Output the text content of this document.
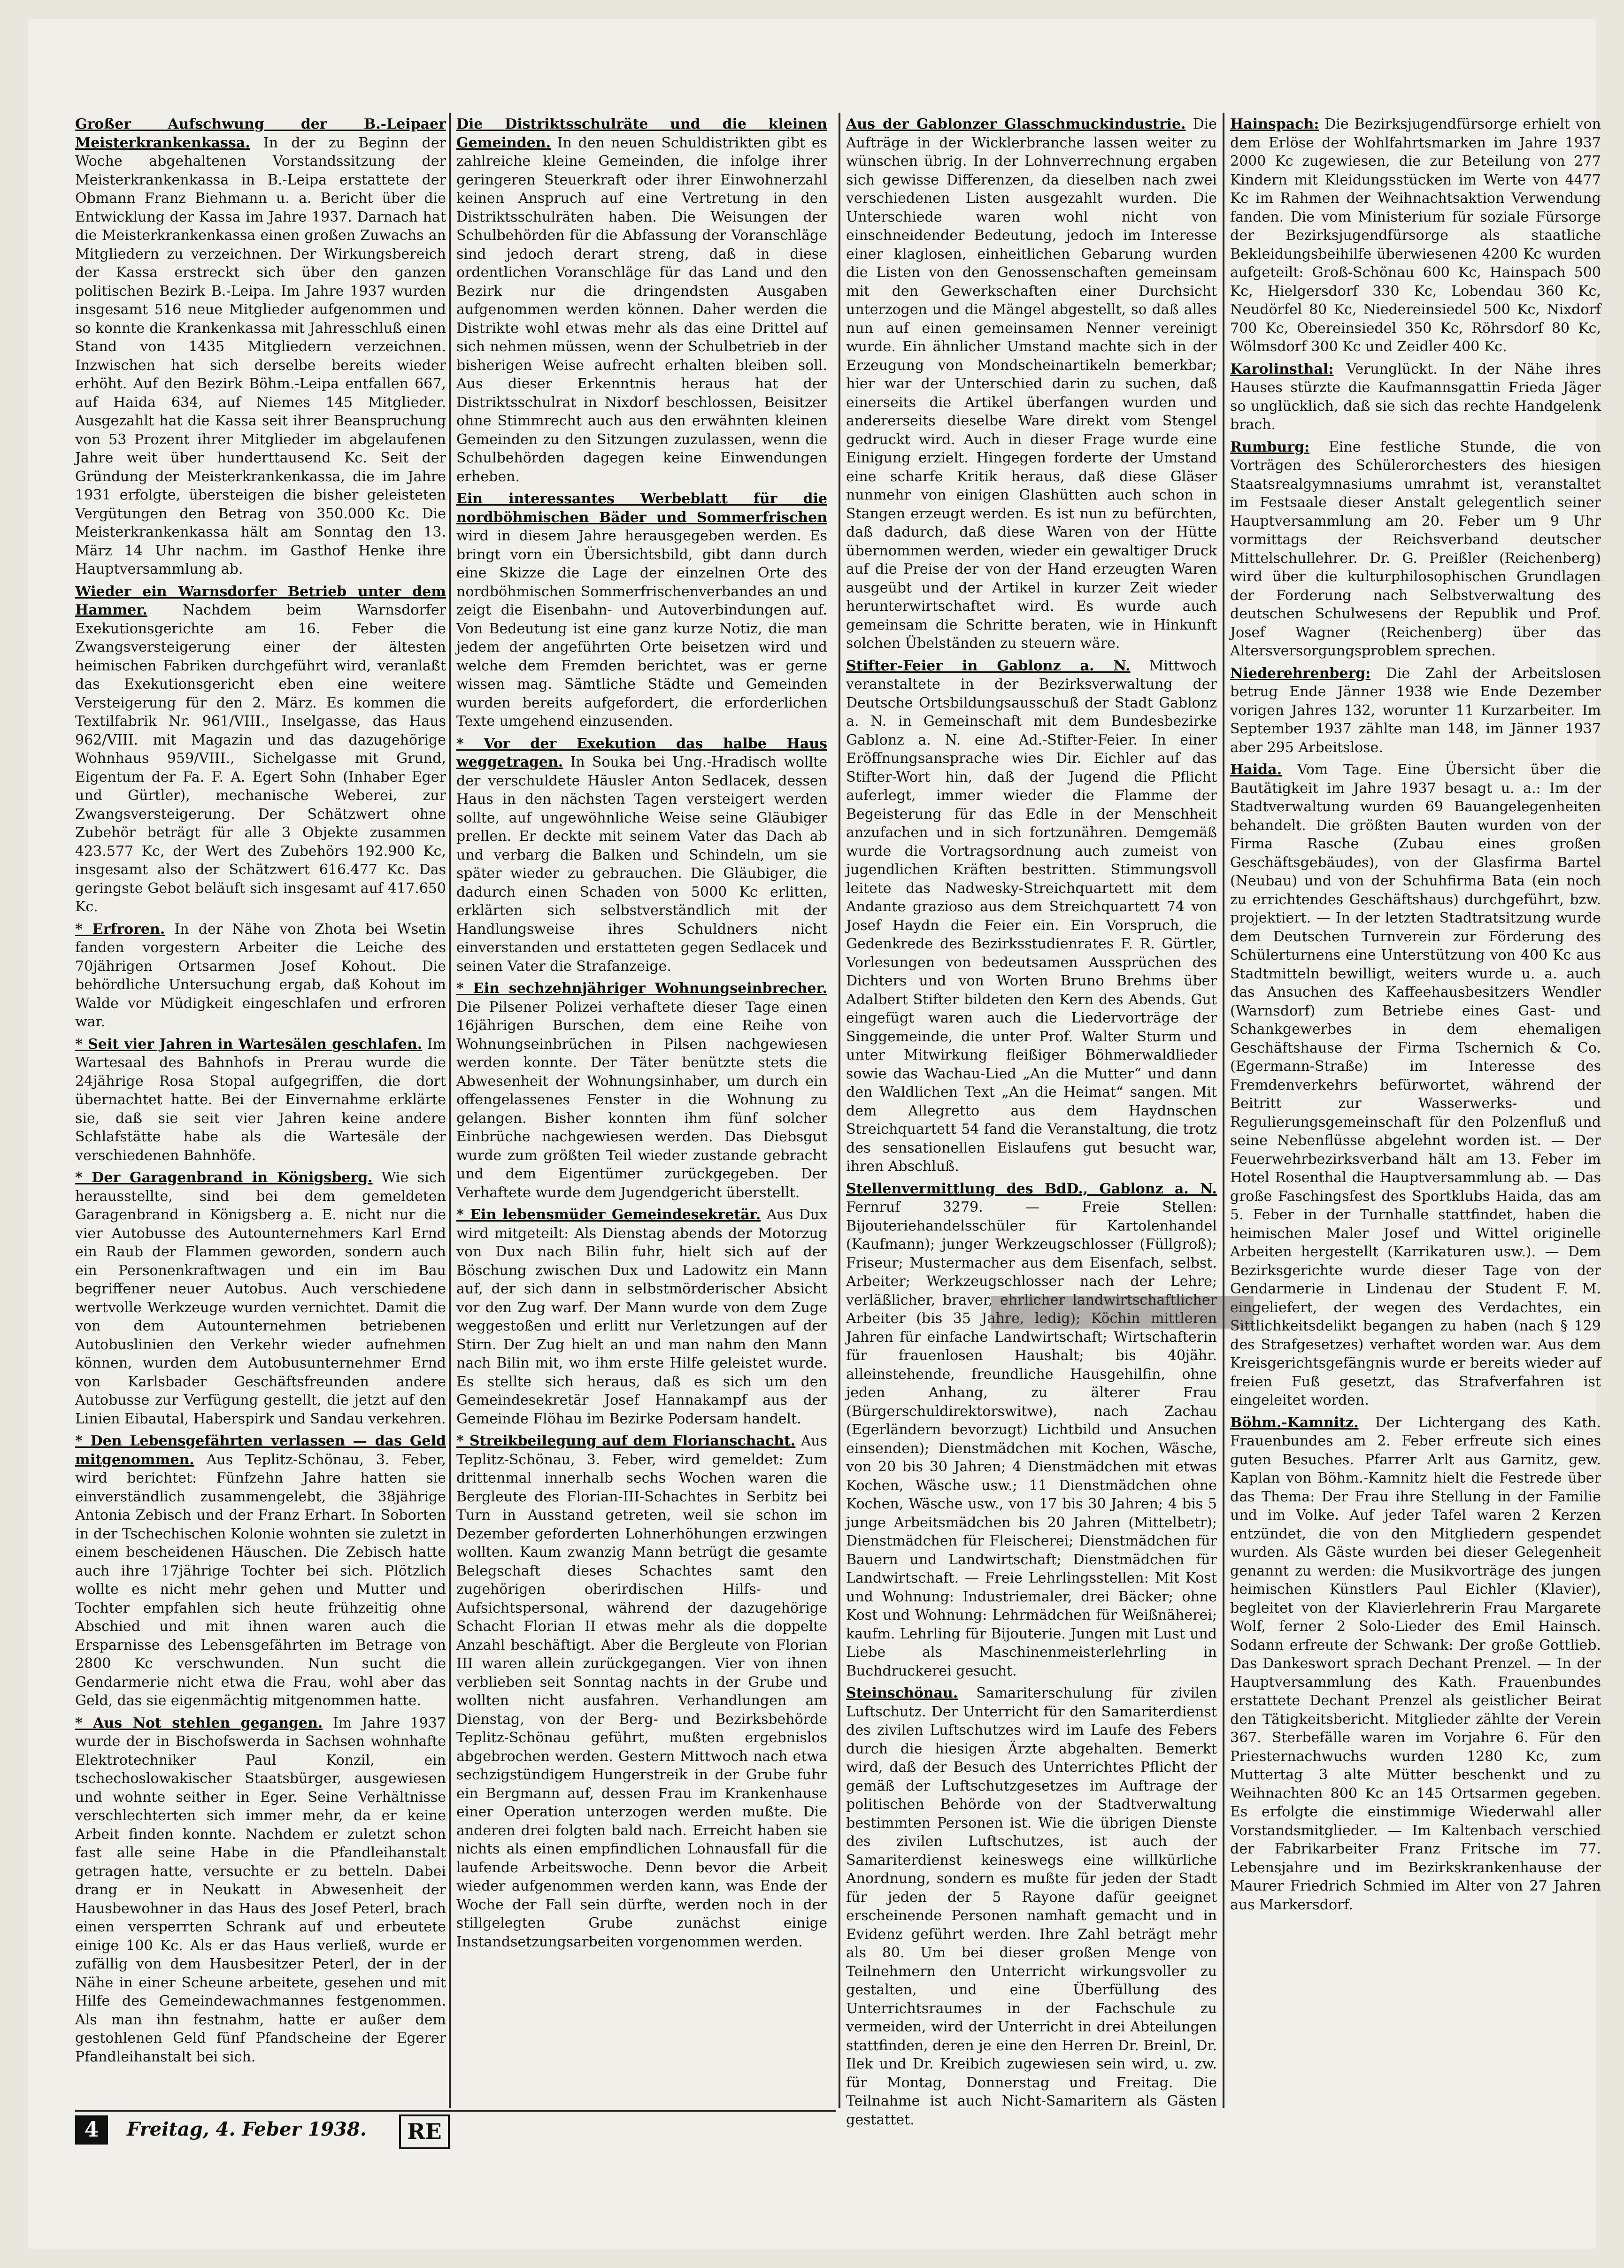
Großer Aufschwung der B.-Leipaer Meisterkrankenkassa. In der zu Beginn der Woche abgehaltenen Vorstandssitzung der Meisterkrankenkassa in B.-Leipa erstattete der Obmann Franz Biehmann u. a. Bericht über die Entwicklung der Kassa im Jahre 1937. Darnach hat die Meisterkrankenkassa einen großen Zuwachs an Mitgliedern zu verzeichnen. Der Wirkungsbereich der Kassa erstreckt sich über den ganzen politischen Bezirk B.-Leipa. Im Jahre 1937 wurden insgesamt 516 neue Mitglieder aufgenommen und so konnte die Krankenkassa mit Jahresschluß einen Stand von 1435 Mitgliedern verzeichnen. Inzwischen hat sich derselbe bereits wieder erhöht. Auf den Bezirk Böhm.-Leipa entfallen 667, auf Haida 634, auf Niemes 145 Mitglieder. Ausgezahlt hat die Kassa seit ihrer Beanspruchung von 53 Prozent ihrer Mitglieder im abgelaufenen Jahre weit über hunderttausend Kc. Seit der Gründung der Meisterkrankenkassa, die im Jahre 1931 erfolgte, übersteigen die bisher geleisteten Vergütungen den Betrag von 350.000 Kc. Die Meisterkrankenkassa hält am Sonntag den 13. März 14 Uhr nachm. im Gasthof Henke ihre Hauptversammlung ab.

Wieder ein Warnsdorfer Betrieb unter dem Hammer.	Nachdem beim Warnsdorfer Exekutionsgerichte am 16. Feber die Zwangsversteigerung einer der ältesten heimischen Fabriken durchgeführt wird, veranlaßt das Exekutionsgericht eben eine weitere Versteigerung für den 2. März. Es kommen die Textilfabrik Nr. 961/VIII., Inselgasse, das Haus 962/VIII. mit Magazin und das dazugehörige Wohnhaus 959/VIII., Sichelgasse mit Grund, Eigentum der Fa. F. A. Egert Sohn (Inhaber Eger und Gürtler), mechanische Weberei, zur Zwangsversteigerung. Der Schätzwert ohne Zubehör beträgt für alle 3 Objekte zusammen 423.577 Kc, der Wert des Zubehörs 192.900 Kc, insgesamt also der Schätzwert 616.477 Kc. Das geringste Gebot beläuft sich insgesamt auf 417.650 Kc.

* Erfroren. In der Nähe von Zhota bei Wsetin fanden vorgestern Arbeiter die Leiche des 70jährigen Ortsarmen Josef Kohout. Die behördliche Untersuchung ergab, daß Kohout im Walde vor Müdigkeit eingeschlafen und erfroren war.

* Seit vier Jahren in Wartesälen geschlafen. Im Wartesaal des Bahnhofs in Prerau wurde die 24jährige Rosa Stopal aufgegriffen, die dort übernachtet hatte. Bei der Einvernahme erklärte sie, daß sie seit vier Jahren keine andere Schlafstätte habe als die Wartesäle der verschiedenen Bahnhöfe.

* Der Garagenbrand in Königsberg. Wie sich herausstellte, sind bei dem gemeldeten Garagenbrand in Königsberg a. E. nicht nur die vier Autobusse des Autounternehmers Karl Ernd ein Raub der Flammen geworden, sondern auch ein Personenkraftwagen und ein im Bau begriffener neuer Autobus. Auch verschiedene wertvolle Werkzeuge wurden vernichtet. Damit die von dem Autounternehmen betriebenen Autobuslinien den Verkehr wieder aufnehmen können, wurden dem Autobusunternehmer Ernd von Karlsbader Geschäftsfreunden andere Autobusse zur Verfügung gestellt, die jetzt auf den Linien Eibautal, Haberspirk und Sandau verkehren.

* Den Lebensgefährten verlassen — das Geld mitgenommen. Aus Teplitz-Schönau, 3. Feber, wird berichtet: Fünfzehn Jahre hatten sie einverständlich zusammengelebt, die 38jährige Antonia Zebisch und der Franz Erhart. In Soborten in der Tschechischen Kolonie wohnten sie zuletzt in einem bescheidenen Häuschen. Die Zebisch hatte auch ihre 17jährige Tochter bei sich. Plötzlich wollte es nicht mehr gehen und Mutter und Tochter empfahlen sich heute frühzeitig ohne Abschied und mit ihnen waren auch die Ersparnisse des Lebensgefährten im Betrage von 2800 Kc verschwunden. Nun sucht die Gendarmerie nicht etwa die Frau, wohl aber das Geld, das sie eigenmächtig mitgenommen hatte.

* Aus Not stehlen gegangen. Im Jahre 1937 wurde der in Bischofswerda in Sachsen wohnhafte Elektrotechniker Paul Konzil, ein tschechoslowakischer Staatsbürger, ausgewiesen und wohnte seither in Eger. Seine Verhältnisse verschlechterten sich immer mehr, da er keine Arbeit finden konnte. Nachdem er zuletzt schon fast alle seine Habe in die Pfandleihanstalt getragen hatte, versuchte er zu betteln. Dabei drang er in Neukatt in Abwesenheit der Hausbewohner in das Haus des Josef Peterl, brach einen versperrten Schrank auf und erbeutete einige 100 Kc. Als er das Haus verließ, wurde er zufällig von dem Hausbesitzer Peterl, der in der Nähe in einer Scheune arbeitete, gesehen und mit Hilfe des Gemeindewachmannes festgenommen. Als man ihn festnahm, hatte er außer dem gestohlenen Geld fünf Pfandscheine der Egerer Pfandleihanstalt bei sich.

Die Distriktsschulräte und die kleinen Gemeinden. In den neuen Schuldistrikten gibt es zahlreiche kleine Gemeinden, die infolge ihrer geringeren Steuerkraft oder ihrer Einwohnerzahl keinen Anspruch auf eine Vertretung in den Distriktsschulräten haben. Die Weisungen der Schulbehörden für die Abfassung der Voranschläge sind jedoch derart streng, daß in diese ordentlichen Voranschläge für das Land und den Bezirk nur die dringendsten Ausgaben aufgenommen werden können. Daher werden die Distrikte wohl etwas mehr als das eine Drittel auf sich nehmen müssen, wenn der Schulbetrieb in der bisherigen Weise aufrecht erhalten bleiben soll. Aus dieser Erkenntnis heraus hat der Distriktsschulrat in Nixdorf beschlossen, Beisitzer ohne Stimmrecht auch aus den erwähnten kleinen Gemeinden zu den Sitzungen zuzulassen, wenn die Schulbehörden dagegen keine Einwendungen erheben.

Ein interessantes Werbeblatt für die nordböhmischen Bäder und Sommerfrischen wird in diesem Jahre herausgegeben werden. Es bringt vorn ein Übersichtsbild, gibt dann durch eine Skizze die Lage der einzelnen Orte des nordböhmischen Sommerfrischenverbandes an und zeigt die Eisenbahn- und Autoverbindungen auf. Von Bedeutung ist eine ganz kurze Notiz, die man jedem der angeführten Orte beisetzen wird und welche dem Fremden berichtet, was er gerne wissen mag. Sämtliche Städte und Gemeinden wurden bereits aufgefordert, die erforderlichen Texte umgehend einzusenden.

* Vor der Exekution das halbe Haus weggetragen. In Souka bei Ung.-Hradisch wollte der verschuldete Häusler Anton Sedlacek, dessen Haus in den nächsten Tagen versteigert werden sollte, auf ungewöhnliche Weise seine Gläubiger prellen. Er deckte mit seinem Vater das Dach ab und verbarg die Balken und Schindeln, um sie später wieder zu gebrauchen. Die Gläubiger, die dadurch einen Schaden von 5000 Kc erlitten, erklärten sich selbstverständlich mit der Handlungsweise ihres Schuldners nicht einverstanden und erstatteten gegen Sedlacek und seinen Vater die Strafanzeige.

* Ein sechzehnjähriger Wohnungseinbrecher. Die Pilsener Polizei verhaftete dieser Tage einen 16jährigen Burschen, dem eine Reihe von Wohnungseinbrüchen in Pilsen nachgewiesen werden konnte. Der Täter benützte stets die Abwesenheit der Wohnungsinhaber, um durch ein offengelassenes Fenster in die Wohnung zu gelangen. Bisher konnten ihm fünf solcher Einbrüche nachgewiesen werden. Das Diebsgut wurde zum größten Teil wieder zustande gebracht und dem Eigentümer zurückgegeben. Der Verhaftete wurde dem Jugendgericht überstellt.

* Ein lebensmüder Gemeindesekretär. Aus Dux wird mitgeteilt: Als Dienstag abends der Motorzug von Dux nach Bilin fuhr, hielt sich auf der Böschung zwischen Dux und Ladowitz ein Mann auf, der sich dann in selbstmörderischer Absicht vor den Zug warf. Der Mann wurde von dem Zuge weggestoßen und erlitt nur Verletzungen auf der Stirn. Der Zug hielt an und man nahm den Mann nach Bilin mit, wo ihm erste Hilfe geleistet wurde. Es stellte sich heraus, daß es sich um den Gemeindesekretär Josef Hannakampf aus der Gemeinde Flöhau im Bezirke Podersam handelt.

* Streikbeilegung auf dem Florianschacht. Aus Teplitz-Schönau, 3. Feber, wird gemeldet: Zum drittenmal innerhalb sechs Wochen waren die Bergleute des Florian-III-Schachtes in Serbitz bei Turn in Ausstand getreten, weil sie schon im Dezember geforderten Lohnerhöhungen erzwingen wollten. Kaum zwanzig Mann betrügt die gesamte Belegschaft dieses Schachtes samt den zugehörigen oberirdischen Hilfs- und Aufsichtspersonal, während der dazugehörige Schacht Florian II etwas mehr als die doppelte Anzahl beschäftigt. Aber die Bergleute von Florian III waren allein zurückgegangen. Vier von ihnen verblieben seit Sonntag nachts in der Grube und wollten nicht ausfahren. Verhandlungen am Dienstag, von der Berg- und Bezirksbehörde Teplitz-Schönau geführt, mußten ergebnislos abgebrochen werden. Gestern Mittwoch nach etwa sechzigstündigem Hungerstreik in der Grube fuhr ein Bergmann auf, dessen Frau im Krankenhause einer Operation unterzogen werden mußte. Die anderen drei folgten bald nach. Erreicht haben sie nichts als einen empfindlichen Lohnausfall für die laufende Arbeitswoche. Denn bevor die Arbeit wieder aufgenommen werden kann, was Ende der Woche der Fall sein dürfte, werden noch in der stillgelegten Grube zunächst einige Instandsetzungsarbeiten vorgenommen werden.

Aus der Gablonzer Glasschmuckindustrie. Die Aufträge in der Wicklerbranche lassen weiter zu wünschen übrig. In der Lohnverrechnung ergaben sich gewisse Differenzen, da dieselben nach zwei verschiedenen Listen ausgezahlt wurden. Die Unterschiede waren wohl nicht von einschneidender Bedeutung, jedoch im Interesse einer klaglosen, einheitlichen Gebarung wurden die Listen von den Genossenschaften gemeinsam mit den Gewerkschaften einer Durchsicht unterzogen und die Mängel abgestellt, so daß alles nun auf einen gemeinsamen Nenner vereinigt wurde. Ein ähnlicher Umstand machte sich in der Erzeugung von Mondscheinartikeln bemerkbar; hier war der Unterschied darin zu suchen, daß einerseits die Artikel überfangen wurden und andererseits dieselbe Ware direkt vom Stengel gedruckt wird. Auch in dieser Frage wurde eine Einigung erzielt. Hingegen forderte der Umstand eine scharfe Kritik heraus, daß diese Gläser nunmehr von einigen Glashütten auch schon in Stangen erzeugt werden. Es ist nun zu befürchten, daß dadurch, daß diese Waren von der Hütte übernommen werden, wieder ein gewaltiger Druck auf die Preise der von der Hand erzeugten Waren ausgeübt und der Artikel in kurzer Zeit wieder herunterwirtschaftet wird. Es wurde auch gemeinsam die Schritte beraten, wie in Hinkunft solchen Übelständen zu steuern wäre.

Stifter-Feier in Gablonz a. N. Mittwoch veranstaltete in der Bezirksverwaltung der Deutsche Ortsbildungsausschuß der Stadt Gablonz a. N. in Gemeinschaft mit dem Bundesbezirke Gablonz a. N. eine Ad.-Stifter-Feier. In einer Eröffnungsansprache wies Dir. Eichler auf das Stifter-Wort hin, daß der Jugend die Pflicht auferlegt, immer wieder die Flamme der Begeisterung für das Edle in der Menschheit anzufachen und in sich fortzunähren. Demgemäß wurde die Vortragsordnung auch zumeist von jugendlichen Kräften bestritten. Stimmungsvoll leitete das Nadwesky-Streichquartett mit dem Andante grazioso aus dem Streichquartett 74 von Josef Haydn die Feier ein. Ein Vorspruch, die Gedenkrede des Bezirksstudienrates F. R. Gürtler, Vorlesungen von bedeutsamen Aussprüchen des Dichters und von Worten Bruno Brehms über Adalbert Stifter bildeten den Kern des Abends. Gut eingefügt waren auch die Liedervorträge der Singgemeinde, die unter Prof. Walter Sturm und unter Mitwirkung fleißiger Böhmerwaldlieder sowie das Wachau-Lied „An die Mutter“ und dann den Waldlichen Text „An die Heimat“ sangen. Mit dem Allegretto aus dem Haydnschen Streichquartett 54 fand die Veranstaltung, die trotz des sensationellen Eislaufens gut besucht war, ihren Abschluß.

Stellenvermittlung des BdD., Gablonz a. N. Fernruf 3279. — Freie Stellen: Bijouteriehandelsschüler für Kartolenhandel (Kaufmann); junger Werkzeugschlosser (Füllgroß); Friseur; Mustermacher aus dem Eisenfach, selbst. Arbeiter; Werkzeugschlosser nach der Lehre; verläßlicher, braver, ehrlicher landwirtschaftlicher Arbeiter (bis 35 Jahre, ledig); Köchin mittleren Jahren für einfache Landwirtschaft; Wirtschafterin für frauenlosen Haushalt; bis 40jähr. alleinstehende, freundliche Hausgehilfin, ohne jeden Anhang, zu älterer Frau (Bürgerschuldirektorswitwe), nach Zachau (Egerländern bevorzugt) Lichtbild und Ansuchen einsenden); Dienstmädchen mit Kochen, Wäsche, von 20 bis 30 Jahren; 4 Dienstmädchen mit etwas Kochen, Wäsche usw.; 11 Dienstmädchen ohne Kochen, Wäsche usw., von 17 bis 30 Jahren; 4 bis 5 junge Arbeitsmädchen bis 20 Jahren (Mittelbetr); Dienstmädchen für Fleischerei; Dienstmädchen für Bauern und Landwirtschaft; Dienstmädchen für Landwirtschaft. — Freie Lehrlingsstellen: Mit Kost und Wohnung: Industriemaler, drei Bäcker; ohne Kost und Wohnung: Lehrmädchen für Weißnäherei; kaufm. Lehrling für Bijouterie. Jungen mit Lust und Liebe als Maschinenmeisterlehrling in Buchdruckerei gesucht.

Steinschönau. Samariterschulung für zivilen Luftschutz. Der Unterricht für den Samariterdienst des zivilen Luftschutzes wird im Laufe des Febers durch die hiesigen Ärzte abgehalten. Bemerkt wird, daß der Besuch des Unterrichtes Pflicht der gemäß der Luftschutzgesetzes im Auftrage der politischen Behörde von der Stadtverwaltung bestimmten Personen ist. Wie die übrigen Dienste des zivilen Luftschutzes, ist auch der Samariterdienst keineswegs eine willkürliche Anordnung, sondern es mußte für jeden der Stadt für jeden der 5 Rayone dafür geeignet erscheinende Personen namhaft gemacht und in Evidenz geführt werden. Ihre Zahl beträgt mehr als 80. Um bei dieser großen Menge von Teilnehmern den Unterricht wirkungsvoller zu gestalten, und eine Überfüllung des Unterrichtsraumes in der Fachschule zu vermeiden, wird der Unterricht in drei Abteilungen stattfinden, deren je eine den Herren Dr. Breinl, Dr. Ilek und Dr. Kreibich zugewiesen sein wird, u. zw. für Montag, Donnerstag und Freitag. Die Teilnahme ist auch Nicht-Samaritern als Gästen gestattet.

Hainspach: Die Bezirksjugendfürsorge erhielt von dem Erlöse der Wohlfahrtsmarken im Jahre 1937 2000 Kc zugewiesen, die zur Beteilung von 277 Kindern mit Kleidungsstücken im Werte von 4477 Kc im Rahmen der Weihnachtsaktion Verwendung fanden. Die vom Ministerium für soziale Fürsorge der Bezirksjugendfürsorge als staatliche Bekleidungsbeihilfe überwiesenen 4200 Kc wurden aufgeteilt: Groß-Schönau 600 Kc, Hainspach 500 Kc, Hielgersdorf 330 Kc, Lobendau 360 Kc, Neudörfel 80 Kc, Niedereinsiedel 500 Kc, Nixdorf 700 Kc, Obereinsiedel 350 Kc, Röhrsdorf 80 Kc, Wölmsdorf 300 Kc und Zeidler 400 Kc.

Karolinsthal: Verunglückt. In der Nähe ihres Hauses stürzte die Kaufmannsgattin Frieda Jäger so unglücklich, daß sie sich das rechte Handgelenk brach.

Rumburg: Eine festliche Stunde, die von Vorträgen des Schülerorchesters des hiesigen Staatsrealgymnasiums umrahmt ist, veranstaltet im Festsaale dieser Anstalt gelegentlich seiner Hauptversammlung am 20. Feber um 9 Uhr vormittags der Reichsverband deutscher Mittelschullehrer. Dr. G. Preißler (Reichenberg) wird über die kulturphilosophischen Grundlagen der Forderung nach Selbstverwaltung des deutschen Schulwesens der Republik und Prof. Josef Wagner (Reichenberg) über das Altersversorgungsproblem sprechen.

Niederehrenberg: Die Zahl der Arbeitslosen betrug Ende Jänner 1938 wie Ende Dezember vorigen Jahres 132, worunter 11 Kurzarbeiter. Im September 1937 zählte man 148, im Jänner 1937 aber 295 Arbeitslose.

Haida. Vom Tage. Eine Übersicht über die Bautätigkeit im Jahre 1937 besagt u. a.: Im der Stadtverwaltung wurden 69 Bauangelegenheiten behandelt. Die größten Bauten wurden von der Firma Rasche (Zubau eines großen Geschäftsgebäudes), von der Glasfirma Bartel (Neubau) und von der Schuhfirma Bata (ein noch zu errichtendes Geschäftshaus) durchgeführt, bzw. projektiert. — In der letzten Stadtratsitzung wurde dem Deutschen Turnverein zur Förderung des Schülerturnens eine Unterstützung von 400 Kc aus Stadtmitteln bewilligt, weiters wurde u. a. auch das Ansuchen des Kaffeehausbesitzers Wendler (Warnsdorf) zum Betriebe eines Gast- und Schankgewerbes in dem ehemaligen Geschäftshause der Firma Tschernich & Co. (Egermann-Straße) im Interesse des Fremdenverkehrs befürwortet, während der Beitritt zur Wasserwerks- und Regulierungsgemeinschaft für den Polzenfluß und seine Nebenflüsse abgelehnt worden ist. — Der Feuerwehrbezirksverband hält am 13. Feber im Hotel Rosenthal die Hauptversammlung ab. — Das große Faschingsfest des Sportklubs Haida, das am 5. Feber in der Turnhalle stattfindet, haben die heimischen Maler Josef und Wittel originelle Arbeiten hergestellt (Karrikaturen usw.). — Dem Bezirksgerichte wurde dieser Tage von der Gendarmerie in Lindenau der Student F. M. eingeliefert, der wegen des Verdachtes, ein Sittlichkeitsdelikt begangen zu haben (nach § 129 des Strafgesetzes) verhaftet worden war. Aus dem Kreisgerichtsgefängnis wurde er bereits wieder auf freien Fuß gesetzt, das Strafverfahren ist eingeleitet worden.

Böhm.-Kamnitz. Der Lichtergang des Kath. Frauenbundes am 2. Feber erfreute sich eines guten Besuches. Pfarrer Arlt aus Garnitz, gew. Kaplan von Böhm.-Kamnitz hielt die Festrede über das Thema: Der Frau ihre Stellung in der Familie und im Volke. Auf jeder Tafel waren 2 Kerzen entzündet, die von den Mitgliedern gespendet wurden. Als Gäste wurden bei dieser Gelegenheit genannt zu werden: die Musikvorträge des jungen heimischen Künstlers Paul Eichler (Klavier), begleitet von der Klavierlehrerin Frau Margarete Wolf, ferner 2 Solo-Lieder des Emil Hainsch. Sodann erfreute der Schwank: Der große Gottlieb. Das Dankeswort sprach Dechant Prenzel. — In der Hauptversammlung des Kath. Frauenbundes erstattete Dechant Prenzel als geistlicher Beirat den Tätigkeitsbericht. Mitglieder zählte der Verein 367. Sterbefälle waren im Vorjahre 6. Für den Priesternachwuchs wurden 1280 Kc, zum Muttertag 3 alte Mütter beschenkt und zu Weihnachten 800 Kc an 145 Ortsarmen gegeben. Es erfolgte die einstimmige Wiederwahl aller Vorstandsmitglieder. — Im Kaltenbach verschied der Fabrikarbeiter Franz Fritsche im 77. Lebensjahre und im Bezirkskrankenhause der Maurer Friedrich Schmied im Alter von 27 Jahren aus Markersdorf.

4	Freitag, 4. Feber 1938.	RE
